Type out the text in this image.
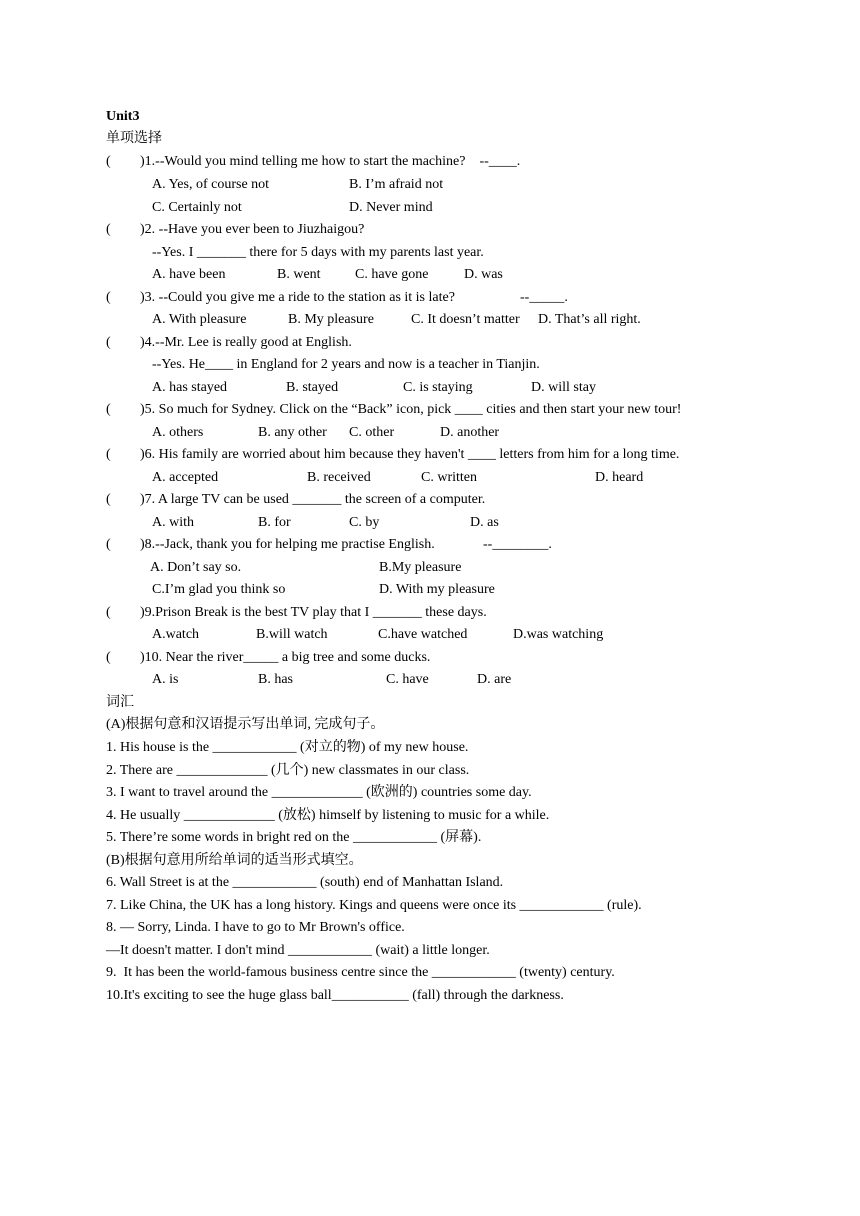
Unit3
单项选择
( )1.--Would you mind telling me how to start the machine?    --____.
A. Yes, of course not	B. I’m afraid not
C. Certainly not	D. Never mind
( )2. --Have you ever been to Jiuzhaigou?
--Yes. I _______ there for 5 days with my parents last year.
A. have been	B. went C. have gone	D. was
( )3. --Could you give me a ride to the station as it is late?	--_____.
A. With pleasure	B. My pleasure	C. It doesn’t matter D. That’s all right.
( )4.--Mr. Lee is really good at English.
--Yes. He____ in England for 2 years and now is a teacher in Tianjin.
A. has stayed	B. stayed	C. is staying	D. will stay
( )5. So much for Sydney. Click on the “Back” icon, pick ____ cities and then start your new tour!
A. others	B. any other C. other	D. another
( )6. His family are worried about him because they haven't ____ letters from him for a long time.
A. accepted	B. received	C. written	D. heard
( )7. A large TV can be used _______ the screen of a computer.
A. with	B. for	C. by	D. as
( )8.--Jack, thank you for helping me practise English.	--________.
A. Don’t say so.	B.My pleasure
C.I’m glad you think so	D. With my pleasure
( )9.Prison Break is the best TV play that I _______ these days.
A.watch	B.will watch	C.have watched	D.was watching
( )10. Near the river_____ a big tree and some ducks.
A. is	B. has	C. have	D. are
词汇
(A)根据句意和汉语提示写出单词, 完成句子。
1. His house is the ____________ (对立的物) of my new house.
2. There are _____________ (几个) new classmates in our class.
3. I want to travel around the _____________ (欧洲的) countries some day.
4. He usually _____________ (放松) himself by listening to music for a while.
5. There’re some words in bright red on the ____________ (屏幕).
(B)根据句意用所给单词的适当形式填空。
6. Wall Street is at the ____________ (south) end of Manhattan Island.
7. Like China, the UK has a long history. Kings and queens were once its ____________ (rule).
8. — Sorry, Linda. I have to go to Mr Brown's office.
—It doesn't matter. I don't mind ____________ (wait) a little longer.
9.  It has been the world-famous business centre since the ____________ (twenty) century.
10.It's exciting to see the huge glass ball___________ (fall) through the darkness.
